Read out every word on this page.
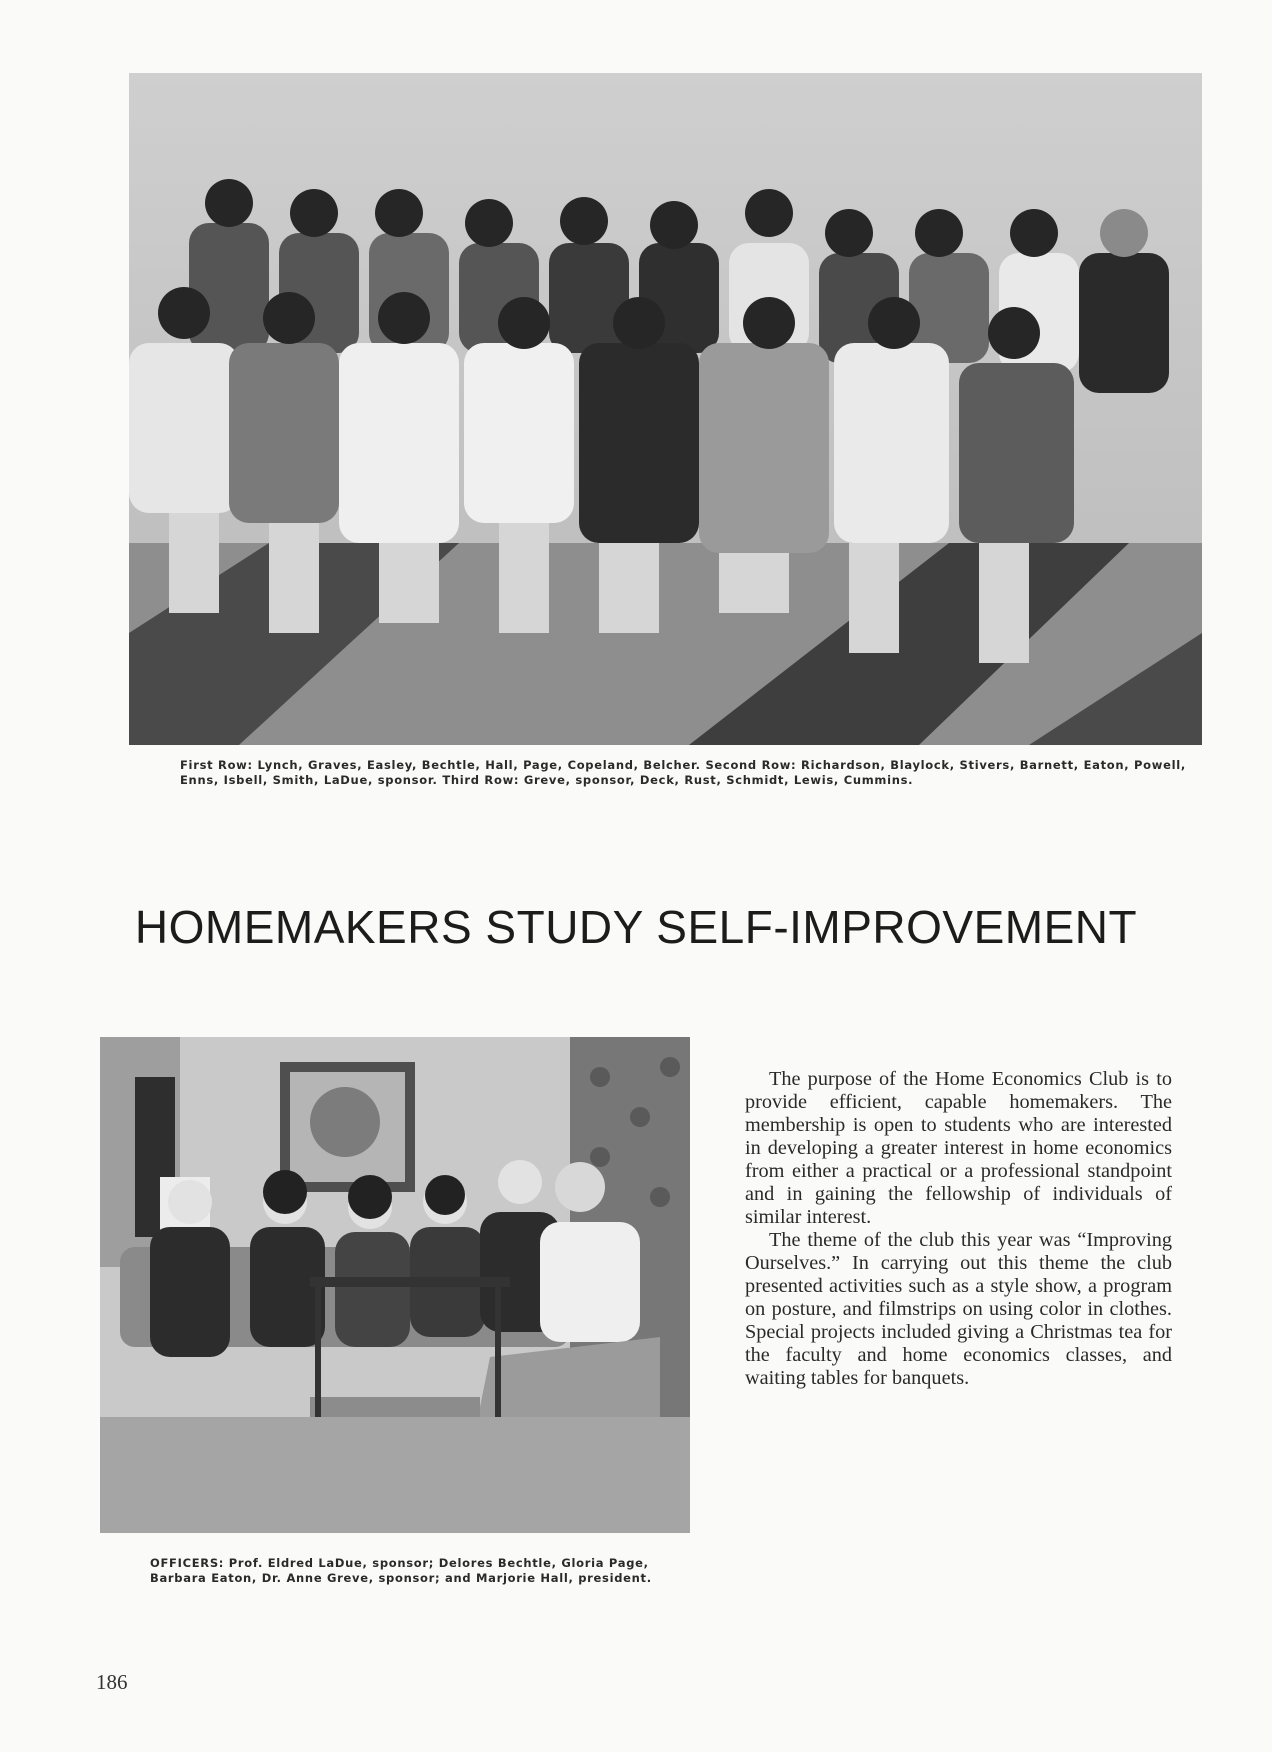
First Row: Lynch, Graves, Easley, Bechtle, Hall, Page, Copeland, Belcher. Second Row: Richardson, Blaylock, Stivers, Barnett, Eaton, Powell, Enns, Isbell, Smith, LaDue, sponsor. Third Row: Greve, sponsor, Deck, Rust, Schmidt, Lewis, Cummins.

HOMEMAKERS STUDY SELF-IMPROVEMENT

OFFICERS: Prof. Eldred LaDue, sponsor; Delores Bechtle, Gloria Page, Barbara Eaton, Dr. Anne Greve, sponsor; and Marjorie Hall, president.

The purpose of the Home Economics Club is to provide efficient, capable homemakers. The membership is open to students who are interested in developing a greater interest in home economics from either a practical or a professional standpoint and in gaining the fellowship of individuals of similar interest.

The theme of the club this year was “Improving Ourselves.” In carrying out this theme the club presented activities such as a style show, a program on posture, and filmstrips on using color in clothes. Special projects included giving a Christmas tea for the faculty and home economics classes, and waiting tables for banquets.

186
